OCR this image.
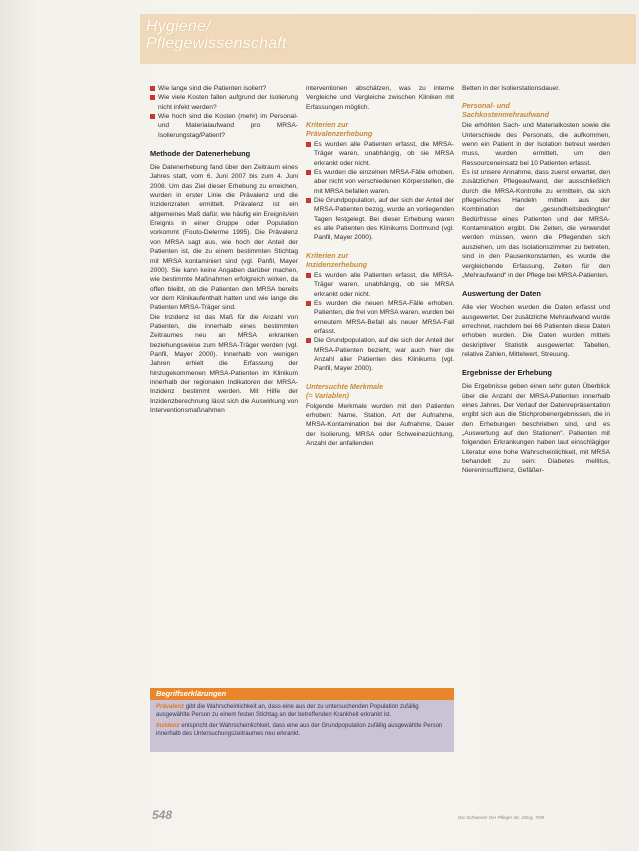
Hygiene/
Pflegewissenschaft
Wie lange sind die Patienten isoliert?
Wie viele Kosten fallen aufgrund der Isolierung nicht infekt werden?
Wie hoch sind die Kosten (mehr) im Personal- und Materialaufwand pro MRSA-Isolierungstag/Patient?
Methode der Datenerhebung

Die Datenerhebung fand über den Zeitraum eines Jahres statt, vom 6. Juni 2007 bis zum 4. Juni 2008. Um das Ziel dieser Erhebung zu erreichen, wurden in erster Linie die Prävalenz und die Inzidenzraten ermittelt. Prävalenz ist ein allgemeines Maß dafür, wie häufig ein Ereignis/ein Ereignis in einer Gruppe oder Population vorkommt (Fouto-Delerme 1995). Die Prävalenz von MRSA sagt aus, wie hoch der Anteil der Patienten ist, die zu einem bestimmten Stichtag mit MRSA kontaminiert sind (vgl. Panfil, Mayer 2000). Sie kann keine Angaben darüber machen, wie bestimmte Maßnahmen erfolgreich wirken, da offen bleibt, ob die Patienten den MRSA bereits vor dem Klinikaufenthalt hatten und wie lange die Patienten MRSA-Träger sind.

Die Inzidenz ist das Maß für die Anzahl von Patienten, die innerhalb eines bestimmten Zeitraumes neu an MRSA erkranken beziehungsweise zum MRSA-Träger werden (vgl. Panfil, Mayer 2000). Innerhalb von wenigen Jahren erhielt die Erfassung der hinzugekommenen MRSA-Patienten im Klinikum innerhalb der regionalen Indikatoren der MRSA-Inzidenz bestimmt werden. Mit Hilfe der Inzidenzberechnung lässt sich die Auswirkung von Interventionsmaßnahmen

interventionen abschätzen, was zu interne Vergleiche und Vergleiche zwischen Kliniken mit Erfassungen möglich.

Kriterien zur
Prävalenzerhebung
Es wurden alle Patienten erfasst, die MRSA-Träger waren, unabhängig, ob sie MRSA erkrankt oder nicht.
Es wurden die einzelnen MRSA-Fälle erhoben, aber nicht von verschiedenen Körperstellen, die mit MRSA befallen waren.
Die Grundpopulation, auf der sich der Anteil der MRSA-Patienten bezog, wurde an vorliegenden Tagen festgelegt. Bei dieser Erhebung waren es alle Patienten des Klinikums Dortmund (vgl. Panfil, Mayer 2000).
Kriterien zur
Inzidenzerhebung
Es wurden alle Patienten erfasst, die MRSA-Träger waren, unabhängig, ob sie MRSA erkrankt oder nicht.
Es wurden die neuen MRSA-Fälle erhoben. Patienten, die frei von MRSA waren, wurden bei erneutem MRSA-Befall als neuer MRSA-Fall erfasst.
Die Grundpopulation, auf die sich der Anteil der MRSA-Patienten bezieht, war auch hier die Anzahl aller Patienten des Klinikums (vgl. Panfil, Mayer 2000).
Untersuchte Merkmale
(= Variablen)

Folgende Merkmale wurden mit den Patienten erhoben: Name, Station, Art der Aufnahme, MRSA-Kontamination bei der Aufnahme, Dauer der Isolierung, MRSA oder Schweinezüchtung, Anzahl der anfallenden

Betten in der Isolierstationsdauer.

Personal- und
Sachkostenmehraufwand

Die erhöhten Sach- und Materialkosten sowie die Unterschiede des Personals, die aufkommen, wenn ein Patient in der Isolation betreut werden muss, wurden ermittelt, um den Ressourceneinsatz bei 10 Patienten erfasst.

Es ist unsere Annahme, dass zuerst erwartet, den zusätzlichen Pflegeaufwand, der ausschließlich durch die MRSA-Kontrolle zu ermitteln, da sich pflegerisches Handeln mitteln aus der Kombination der „gesundheitsbedingten“ Bedürfnisse eines Patienten und der MRSA-Kontamination ergibt. Die Zeiten, die verwendet werden müssen, wenn die Pflegenden sich ausziehen, um das Isolationszimmer zu betreten, sind in den Pausenkonstanten, es wurde die vergleichende Erfassung, Zeiten für den „Mehraufwand“ in der Pflege bei MRSA-Patienten.

Auswertung der Daten

Alle vier Wochen wurden die Daten erfasst und ausgewertet. Der zusätzliche Mehraufwand wurde errechnet, nachdem bei 66 Patienten diese Daten erhoben wurden. Die Daten wurden mittels deskriptiver Statistik ausgewertet: Tabellen, relative Zahlen, Mittelwert, Streuung.

Ergebnisse der Erhebung

Die Ergebnisse geben einen sehr guten Überblick über die Anzahl der MRSA-Patienten innerhalb eines Jahres. Der Verlauf der Datenrepräsentation ergibt sich aus die Stichprobenergebnissen, die in den Erhebungen beschrieben sind, und es „Auswertung auf den Stationen“. Patienten mit folgenden Erkrankungen haben laut einschlägiger Literatur eine hohe Wahrscheinlichkeit, mit MRSA behandelt zu sein: Diabetes mellitus, Niereninsuffizienz, Gefäßer-

Begriffserklärungen

Prävalenz gibt die Wahrscheinlichkeit an, dass eine aus der zu untersuchenden Population zufällig ausgewählte Person zu einem festen Stichtag an der betreffenden Krankheit erkrankt ist.

Inzidenz entspricht der Wahrscheinlichkeit, dass eine aus der Grundpopulation zufällig ausgewählte Person innerhalb des Untersuchungszeitraumes neu erkrankt.

548	Die Schwester Der Pfleger 48. Jahrg. 7/09
